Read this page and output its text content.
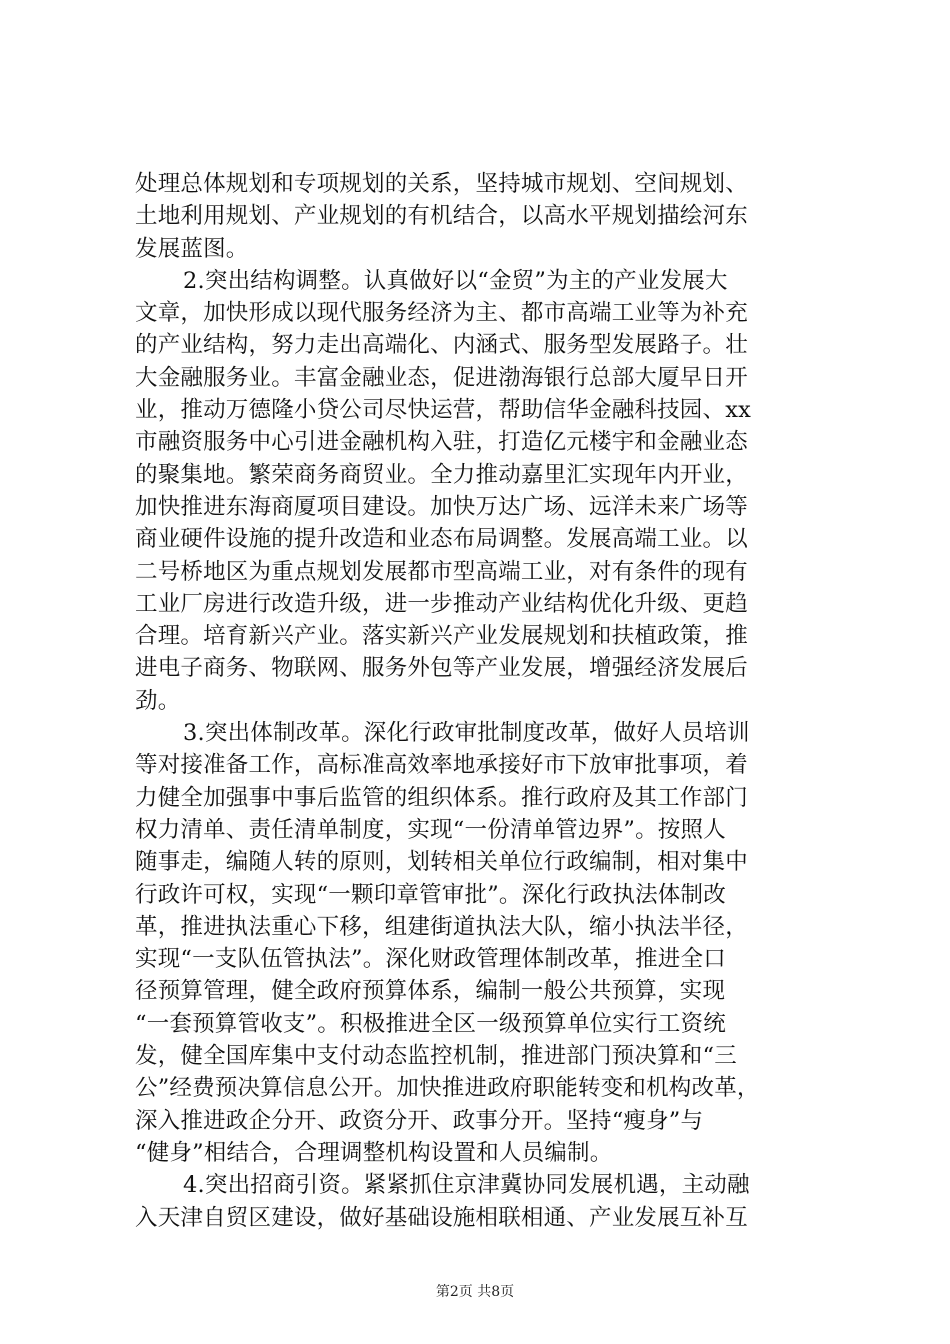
处理总体规划和专项规划的关系，坚持城市规划、空间规划、
土地利用规划、产业规划的有机结合，以高水平规划描绘河东
发展蓝图。
2.突出结构调整。认真做好以“金贸”为主的产业发展大
文章，加快形成以现代服务经济为主、都市高端工业等为补充
的产业结构，努力走出高端化、内涵式、服务型发展路子。壮
大金融服务业。丰富金融业态，促进渤海银行总部大厦早日开
业，推动万德隆小贷公司尽快运营，帮助信华金融科技园、xx
市融资服务中心引进金融机构入驻，打造亿元楼宇和金融业态
的聚集地。繁荣商务商贸业。全力推动嘉里汇实现年内开业，
加快推进东海商厦项目建设。加快万达广场、远洋未来广场等
商业硬件设施的提升改造和业态布局调整。发展高端工业。以
二号桥地区为重点规划发展都市型高端工业，对有条件的现有
工业厂房进行改造升级，进一步推动产业结构优化升级、更趋
合理。培育新兴产业。落实新兴产业发展规划和扶植政策，推
进电子商务、物联网、服务外包等产业发展，增强经济发展后
劲。
3.突出体制改革。深化行政审批制度改革，做好人员培训
等对接准备工作，高标准高效率地承接好市下放审批事项，着
力健全加强事中事后监管的组织体系。推行政府及其工作部门
权力清单、责任清单制度，实现“一份清单管边界”。按照人
随事走，编随人转的原则，划转相关单位行政编制，相对集中
行政许可权，实现“一颗印章管审批”。深化行政执法体制改
革，推进执法重心下移，组建街道执法大队，缩小执法半径，
实现“一支队伍管执法”。深化财政管理体制改革，推进全口
径预算管理，健全政府预算体系，编制一般公共预算，实现
“一套预算管收支”。积极推进全区一级预算单位实行工资统
发，健全国库集中支付动态监控机制，推进部门预决算和“三
公”经费预决算信息公开。加快推进政府职能转变和机构改革，
深入推进政企分开、政资分开、政事分开。坚持“瘦身”与
“健身”相结合，合理调整机构设置和人员编制。
4.突出招商引资。紧紧抓住京津冀协同发展机遇，主动融
入天津自贸区建设，做好基础设施相联相通、产业发展互补互
第2页 共8页
